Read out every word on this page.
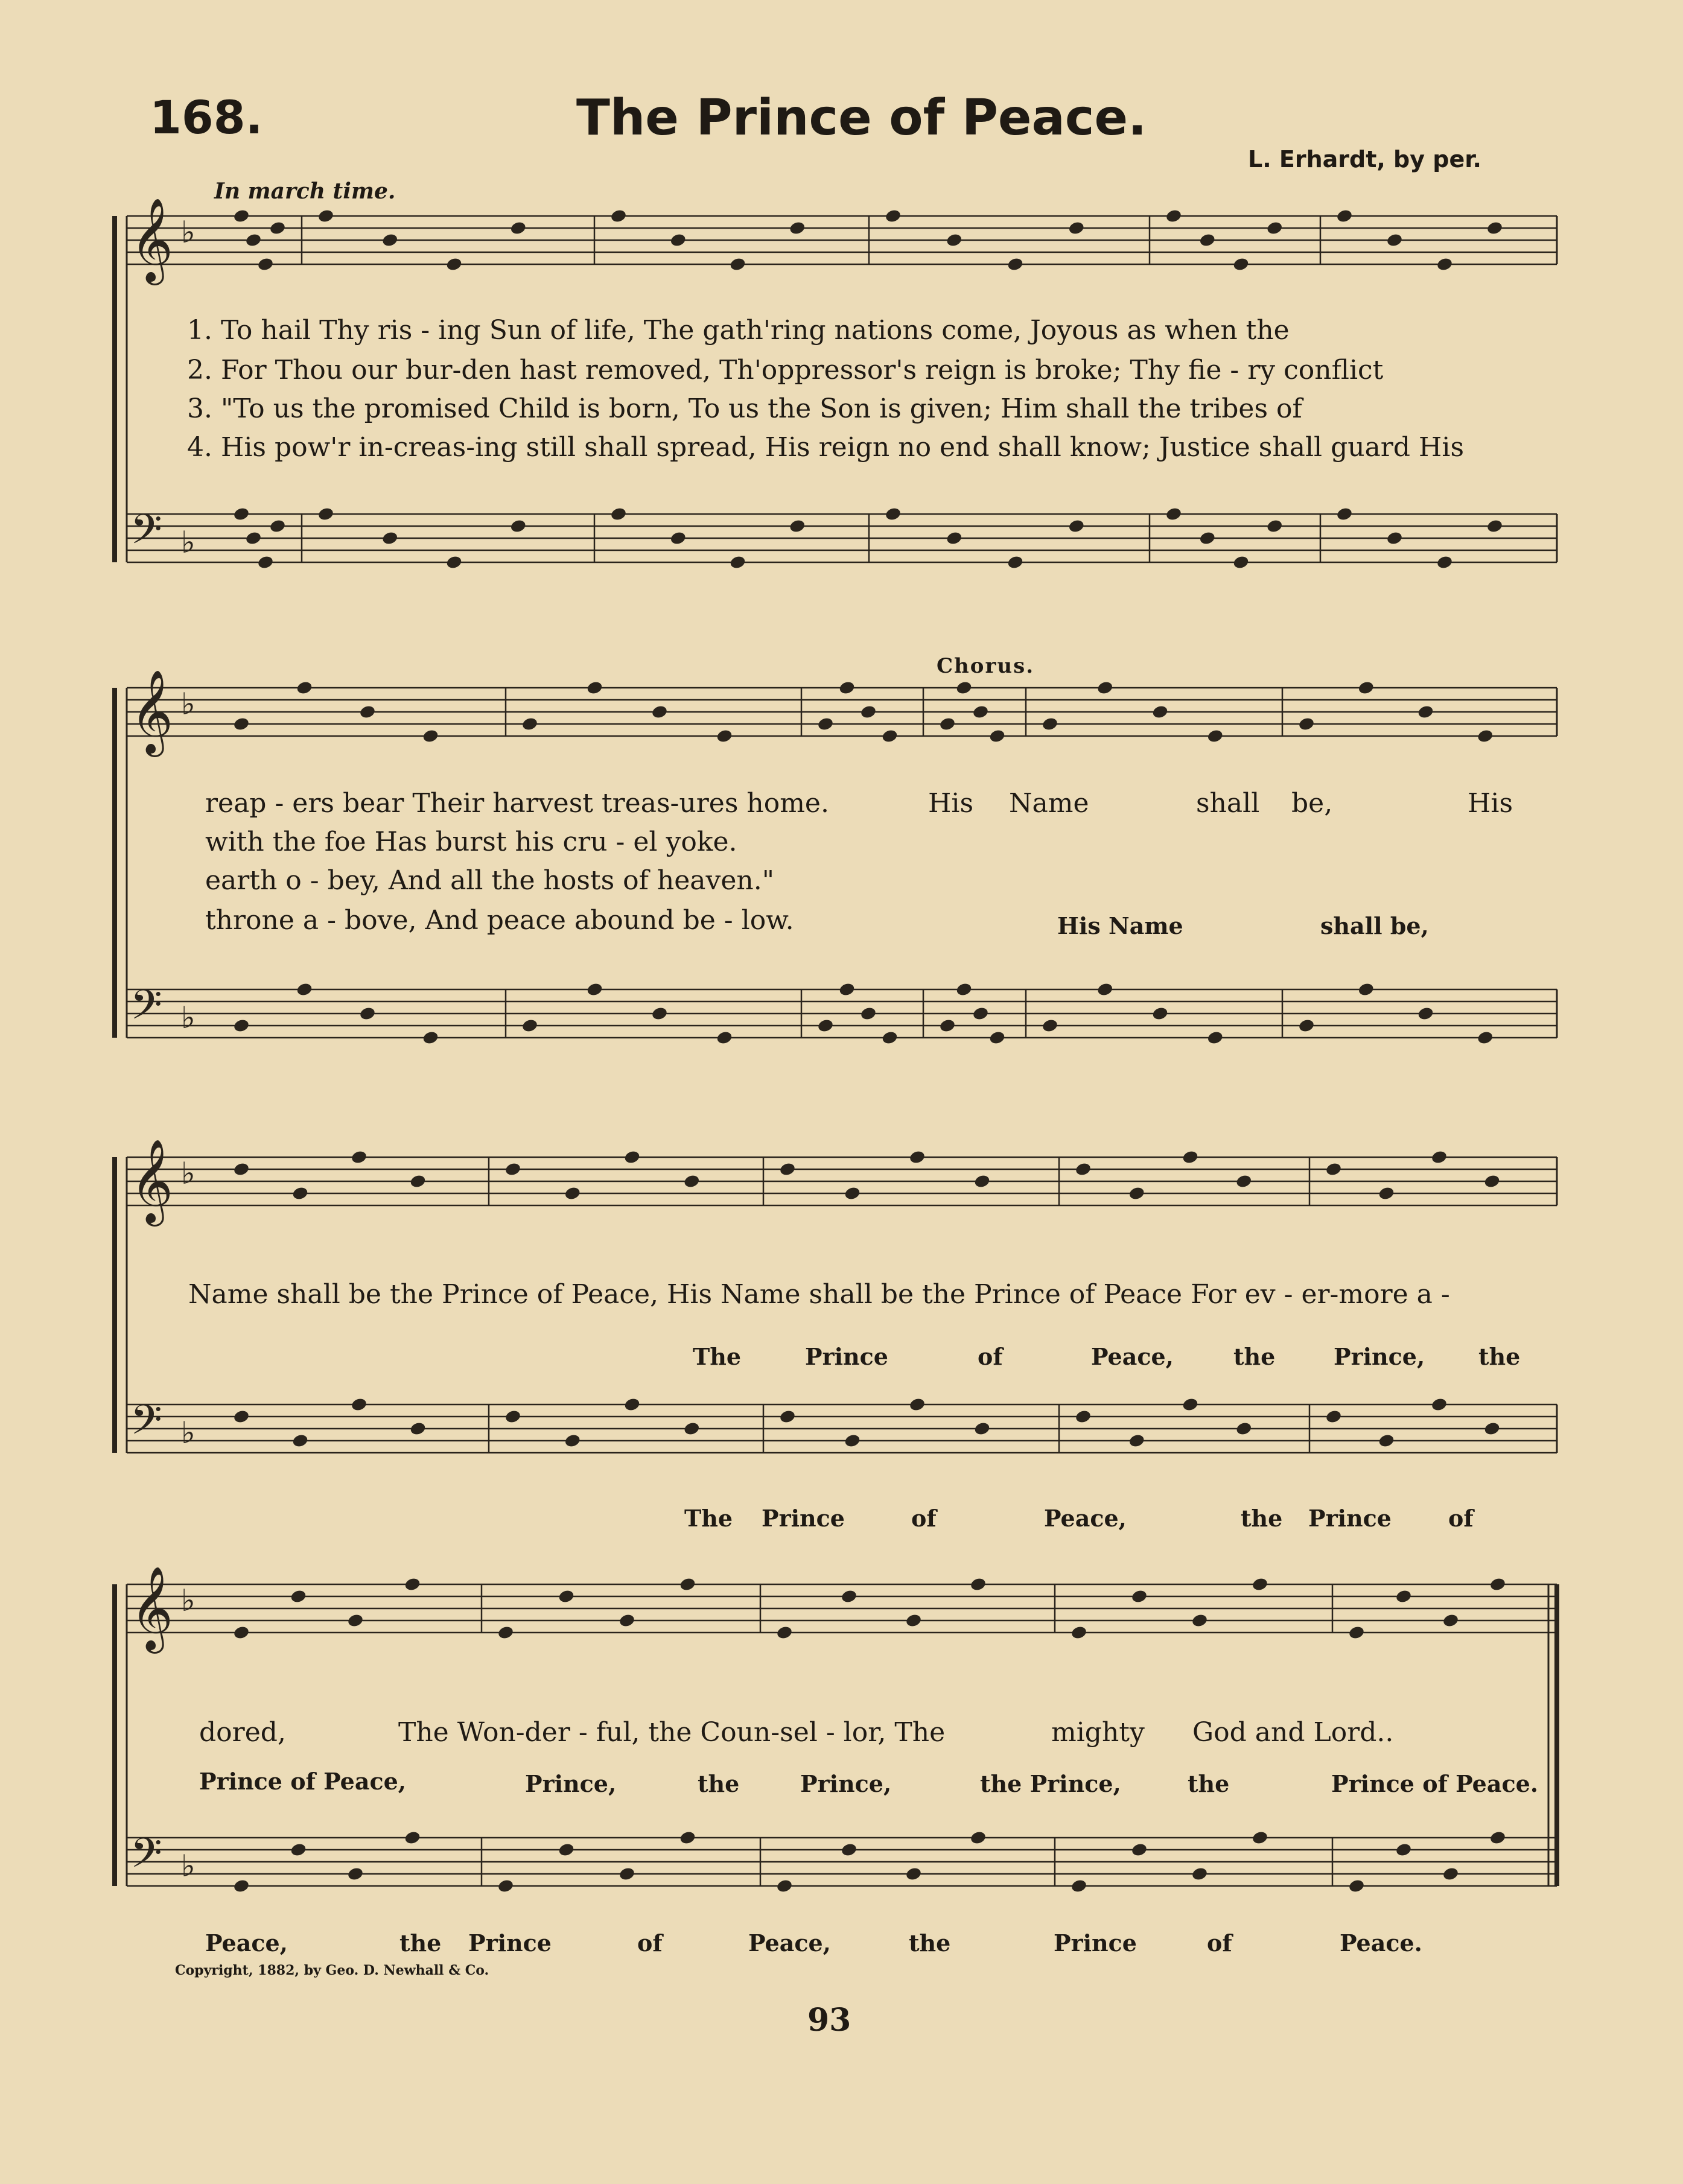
168.	The Prince of Peace.
L. Erhardt, by per.
In march time.
Chorus.
𝄞 ♭
𝄢 ♭
𝄞 ♭
𝄢 ♭
𝄞 ♭
𝄢 ♭
𝄞 ♭
𝄢 ♭
1. To hail Thy ris - ing Sun of life, The gath'ring nations come, Joyous as when the
2. For Thou our bur-den hast removed, Th'oppressor's reign is broke; Thy fie - ry conflict
3. "To us the promised Child is born, To us the Son is given; Him shall the tribes of
4. His pow'r in-creas-ing still shall spread, His reign no end shall know; Justice shall guard His
reap - ers bear Their harvest treas-ures home.
with the foe Has burst his cru - el yoke.
earth o - bey, And all the hosts of heaven."
throne a - bove, And peace abound be - low.
His Name	shall be,	His
His Name	shall be,
Name shall be the Prince of Peace, His Name shall be the Prince of Peace For ev - er-more a -
The	Prince	of	Peace,	the	Prince, the
The Prince	of	Peace,	the Prince of
dored,	The Won-der - ful, the Coun-sel - lor, The	mighty God and Lord..
Prince of Peace,	Prince,	the	Prince,	the Prince,	the	Prince of Peace.
Peace,	the Prince	of	Peace,	the	Prince	of	Peace.
Copyright, 1882, by Geo. D. Newhall & Co.
93
